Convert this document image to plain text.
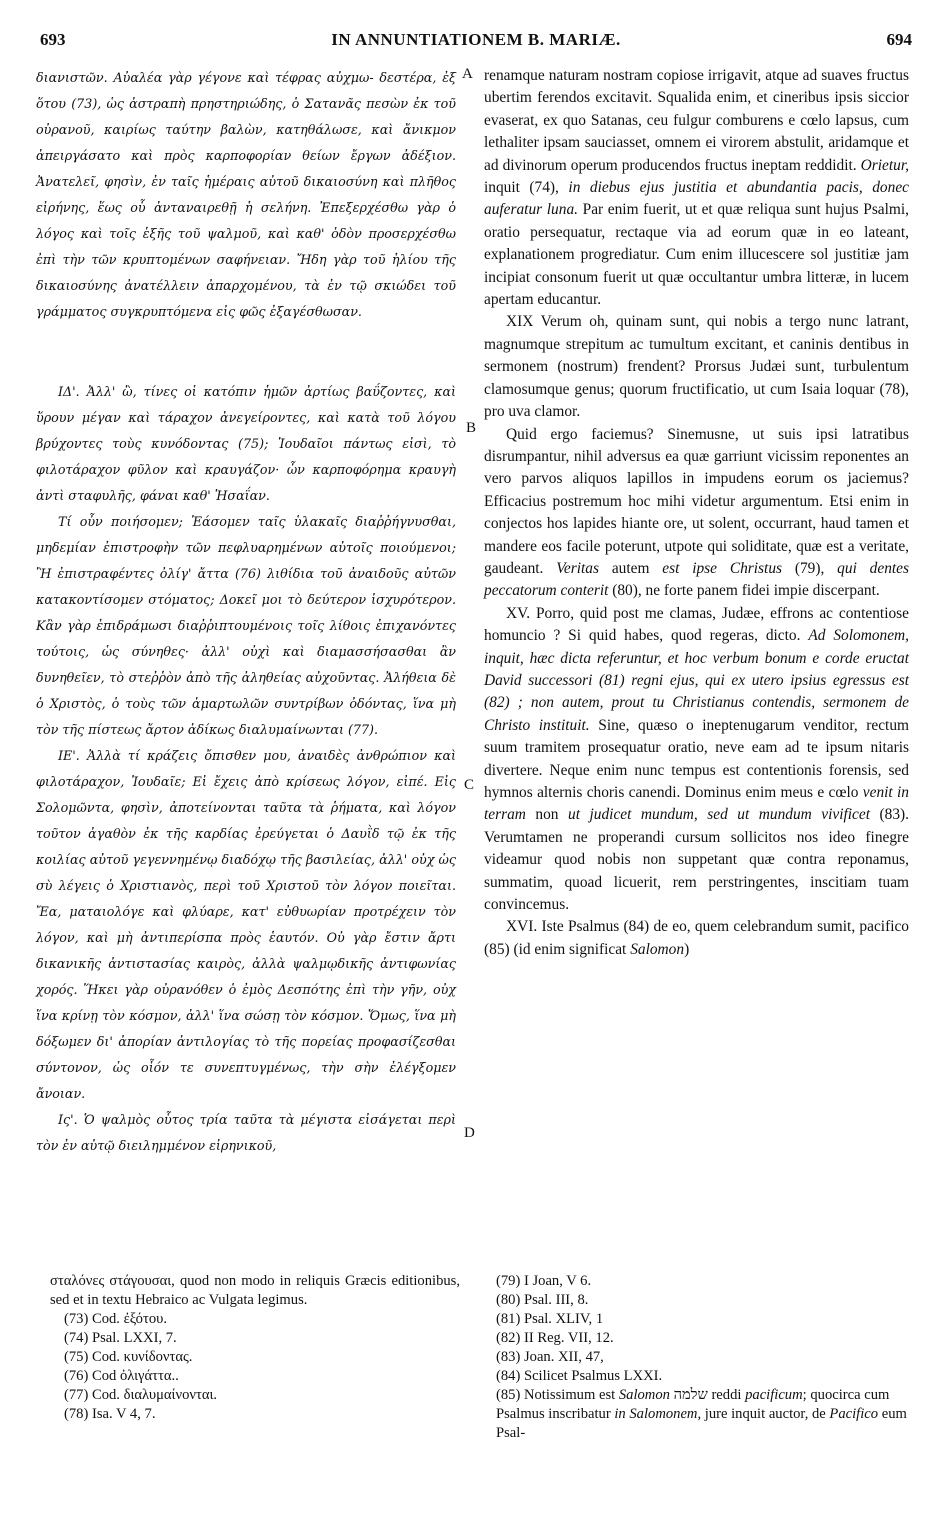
693	IN ANNUNTIATIONEM B. MARIÆ.	694

διανιστῶν. Αὐαλέα γὰρ γέγονε καὶ τέφρας αὐχμω- δεστέρα, ἐξ ὅτου (73), ὡς ἀστραπὴ πρηστηριώδης, ὁ Σατανᾶς πεσὼν ἐκ τοῦ οὐρανοῦ, καιρίως ταύτην βαλὼν, κατηθάλωσε, καὶ ἄνικμον ἀπειργάσατο καὶ πρὸς καρποφορίαν θείων ἔργων ἀδέξιον. Ἀνατελεῖ, φησὶν, ἐν ταῖς ἡμέραις αὐτοῦ δικαιοσύνη καὶ πλῆθος εἰρήνης, ἕως οὗ ἀνταναιρεθῇ ἡ σελήνη. Ἐπεξερχέσθω γὰρ ὁ λόγος καὶ τοῖς ἑξῆς τοῦ ψαλμοῦ, καὶ καθ' ὁδὸν προσερχέσθω ἐπὶ τὴν τῶν κρυπτομένων σαφήνειαν. Ἤδη γὰρ τοῦ ἡλίου τῆς δικαιοσύνης ἀνατέλλειν ἀπαρχομένου, τὰ ἐν τῷ σκιώδει τοῦ γράμματος συγκρυπτόμενα εἰς φῶς ἐξαγέσθωσαν.

ΙΔ'. Ἀλλ' ὢ, τίνες οἱ κατόπιν ἡμῶν ἀρτίως βαΰζοντες, καὶ ὕρουν μέγαν καὶ τάραχον ἀνεγείροντες, καὶ κατὰ τοῦ λόγου βρύχοντες τοὺς κυνόδοντας (75); Ἰουδαῖοι πάντως εἰσὶ, τὸ φιλοτάραχον φῦλον καὶ κραυγάζον· ὧν καρποφόρημα κραυγὴ ἀντὶ σταφυλῆς, φάναι καθ' Ἠσαΐαν.

Τί οὖν ποιήσομεν; Ἐάσομεν ταῖς ὑλακαῖς διαῤῥήγνυσθαι, μηδεμίαν ἐπιστροφὴν τῶν πεφλυαρημένων αὐτοῖς ποιούμενοι; Ἢ ἐπιστραφέντες ὀλίγ' ἄττα (76) λιθίδια τοῦ ἀναιδοῦς αὐτῶν κατακοντίσομεν στόματος; Δοκεῖ μοι τὸ δεύτερον ἰσχυρότερον. Κἂν γὰρ ἐπιδράμωσι διαῤῥιπτουμένοις τοῖς λίθοις ἐπιχανόντες τούτοις, ὡς σύνηθες· ἀλλ' οὐχὶ καὶ διαμασσήσασθαι ἂν δυνηθεῖεν, τὸ στεῤῥὸν ἀπὸ τῆς ἀληθείας αὐχοῦντας. Ἀλήθεια δὲ ὁ Χριστὸς, ὁ τοὺς τῶν ἁμαρτωλῶν συντρίβων ὀδόντας, ἵνα μὴ τὸν τῆς πίστεως ἄρτον ἀδίκως διαλυμαίνωνται (77).

ΙΕ'. Ἀλλὰ τί κράζεις ὄπισθεν μου, ἀναιδὲς ἀνθρώπιον καὶ φιλοτάραχον, Ἰουδαῖε; Εἰ ἔχεις ἀπὸ κρίσεως λόγον, εἰπέ. Εἰς Σολομῶντα, φησὶν, ἀποτείνονται ταῦτα τὰ ῥήματα, καὶ λόγον τοῦτον ἀγαθὸν ἐκ τῆς καρδίας ἐρεύγεται ὁ Δαυῒδ τῷ ἐκ τῆς κοιλίας αὐτοῦ γεγεννημένῳ διαδόχῳ τῆς βασιλείας, ἀλλ' οὐχ ὡς σὺ λέγεις ὁ Χριστιανὸς, περὶ τοῦ Χριστοῦ τὸν λόγον ποιεῖται. Ἔα, ματαιολόγε καὶ φλύαρε, κατ' εὐθυωρίαν προτρέχειν τὸν λόγον, καὶ μὴ ἀντιπερίσπα πρὸς ἑαυτόν. Οὐ γὰρ ἔστιν ἄρτι δικανικῆς ἀντιστασίας καιρὸς, ἀλλὰ ψαλμῳδικῆς ἀντιφωνίας χορός. Ἥκει γὰρ οὐρανόθεν ὁ ἐμὸς Δεσπότης ἐπὶ τὴν γῆν, οὐχ ἵνα κρίνῃ τὸν κόσμον, ἀλλ' ἵνα σώσῃ τὸν κόσμον. Ὅμως, ἵνα μὴ δόξωμεν δι' ἀπορίαν ἀντιλογίας τὸ τῆς πορείας προφασίζεσθαι σύντονον, ὡς οἷόν τε συνεπτυγμένως, τὴν σὴν ἐλέγξομεν ἄνοιαν.

Ις'. Ὁ ψαλμὸς οὗτος τρία ταῦτα τὰ μέγιστα εἰσάγεται περὶ τὸν ἐν αὐτῷ διειλημμένον εἰρηνικοῦ,

A
B
C
D

renamque naturam nostram copiose irrigavit, atque ad suaves fructus ubertim ferendos excitavit. Squalida enim, et cineribus ipsis siccior evaserat, ex quo Satanas, ceu fulgur comburens e cœlo lapsus, cum lethaliter ipsam sauciasset, omnem ei virorem abstulit, aridamque et ad divinorum operum producendos fructus ineptam reddidit. Orietur, inquit (74), in diebus ejus justitia et abundantia pacis, donec auferatur luna. Par enim fuerit, ut et quæ reliqua sunt hujus Psalmi, oratio persequatur, rectaque via ad eorum quæ in eo lateant, explanationem progrediatur. Cum enim illucescere sol justitiæ jam incipiat consonum fuerit ut quæ occultantur umbra litteræ, in lucem apertam educantur.

XIX Verum oh, quinam sunt, qui nobis a tergo nunc latrant, magnumque strepitum ac tumultum excitant, et caninis dentibus in sermonem (nostrum) frendent? Prorsus Judæi sunt, turbulentum clamosumque genus; quorum fructificatio, ut cum Isaia loquar (78), pro uva clamor.

Quid ergo faciemus? Sinemusne, ut suis ipsi latratibus disrumpantur, nihil adversus ea quæ garriunt vicissim reponentes an vero parvos aliquos lapillos in impudens eorum os jaciemus? Efficacius postremum hoc mihi videtur argumentum. Etsi enim in conjectos hos lapides hiante ore, ut solent, occurrant, haud tamen et mandere eos facile poterunt, utpote qui soliditate, quæ est a veritate, gaudeant. Veritas autem est ipse Christus (79), qui dentes peccatorum conterit (80), ne forte panem fidei impie discerpant.

XV. Porro, quid post me clamas, Judæe, effrons ac contentiose homuncio ? Si quid habes, quod regeras, dicto. Ad Solomonem, inquit, hæc dicta referuntur, et hoc verbum bonum e corde eructat David successori (81) regni ejus, qui ex utero ipsius egressus est (82) ; non autem, prout tu Christianus contendis, sermonem de Christo instituit. Sine, quæso o ineptenugarum venditor, rectum suum tramitem prosequatur oratio, neve eam ad te ipsum nitaris divertere. Neque enim nunc tempus est contentionis forensis, sed hymnos alternis choris canendi. Dominus enim meus e cœlo venit in terram non ut judicet mundum, sed ut mundum vivificet (83). Verumtamen ne properandi cursum sollicitos nos ideo finegre videamur quod nobis non suppetant quæ contra reponamus, summatim, quoad licuerit, rem perstringentes, inscitiam tuam convincemus.

XVI. Iste Psalmus (84) de eo, quem celebrandum sumit, pacifico (85) (id enim significat Salomon)

σταλόνες στάγουσαι, quod non modo in reliquis Græcis editionibus, sed et in textu Hebraico ac Vulgata legimus.

(73) Cod. ἐξότου.

(74) Psal. LXXI, 7.

(75) Cod. κυνίδοντας.

(76) Cod ὀλιγάττα..

(77) Cod. διαλυμαίνονται.

(78) Isa. V 4, 7.

(79) I Joan, V 6.

(80) Psal. III, 8.

(81) Psal. XLIV, 1

(82) II Reg. VII, 12.

(83) Joan. XII, 47,

(84) Scilicet Psalmus LXXI.

(85) Notissimum est Salomon שלמה reddi pacificum; quocirca cum Psalmus inscribatur in Salomonem, jure inquit auctor, de Pacifico eum Psal-
